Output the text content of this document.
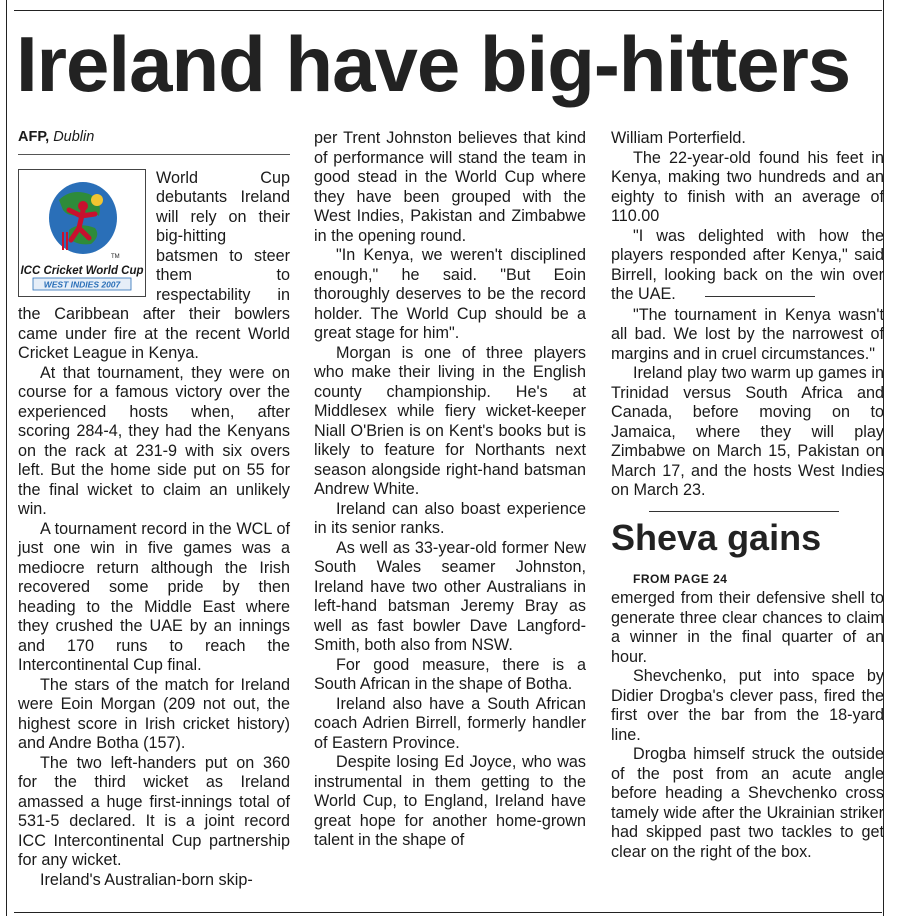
Ireland have big-hitters
AFP, Dublin
TM
ICC Cricket World Cup
WEST INDIES 2007

World Cup debutants Ireland will rely on their big-hitting batsmen to steer them to respectability in the Caribbean after their bowlers came under fire at the recent World Cricket League in Kenya.

At that tournament, they were on course for a famous victory over the experienced hosts when, after scoring 284-4, they had the Kenyans on the rack at 231-9 with six overs left. But the home side put on 55 for the final wicket to claim an unlikely win.

A tournament record in the WCL of just one win in five games was a mediocre return although the Irish recovered some pride by then heading to the Middle East where they crushed the UAE by an innings and 170 runs to reach the Intercontinental Cup final.

The stars of the match for Ireland were Eoin Morgan (209 not out, the highest score in Irish cricket history) and Andre Botha (157).

The two left-handers put on 360 for the third wicket as Ireland amassed a huge first-innings total of 531-5 declared. It is a joint record ICC Intercontinental Cup partnership for any wicket.

Ireland's Australian-born skip-

per Trent Johnston believes that kind of performance will stand the team in good stead in the World Cup where they have been grouped with the West Indies, Pakistan and Zimbabwe in the opening round.

"In Kenya, we weren't disciplined enough," he said. "But Eoin thoroughly deserves to be the record holder. The World Cup should be a great stage for him".

Morgan is one of three players who make their living in the English county championship. He's at Middlesex while fiery wicket-keeper Niall O'Brien is on Kent's books but is likely to feature for Northants next season alongside right-hand batsman Andrew White.

Ireland can also boast experience in its senior ranks.

As well as 33-year-old former New South Wales seamer Johnston, Ireland have two other Australians in left-hand batsman Jeremy Bray as well as fast bowler Dave Langford-Smith, both also from NSW.

For good measure, there is a South African in the shape of Botha.

Ireland also have a South African coach Adrien Birrell, formerly handler of Eastern Province.

Despite losing Ed Joyce, who was instrumental in them getting to the World Cup, to England, Ireland have great hope for another home-grown talent in the shape of

William Porterfield.

The 22-year-old found his feet in Kenya, making two hundreds and an eighty to finish with an average of 110.00

"I was delighted with how the players responded after Kenya," said Birrell, looking back on the win over the UAE.

"The tournament in Kenya wasn't all bad. We lost by the narrowest of margins and in cruel circumstances."

Ireland play two warm up games in Trinidad versus South Africa and Canada, before moving on to Jamaica, where they will play Zimbabwe on March 15, Pakistan on March 17, and the hosts West Indies on March 23.

Sheva gains

FROM PAGE 24

emerged from their defensive shell to generate three clear chances to claim a winner in the final quarter of an hour.

Shevchenko, put into space by Didier Drogba's clever pass, fired the first over the bar from the 18-yard line.

Drogba himself struck the outside of the post from an acute angle before heading a Shevchenko cross tamely wide after the Ukrainian striker had skipped past two tackles to get clear on the right of the box.
